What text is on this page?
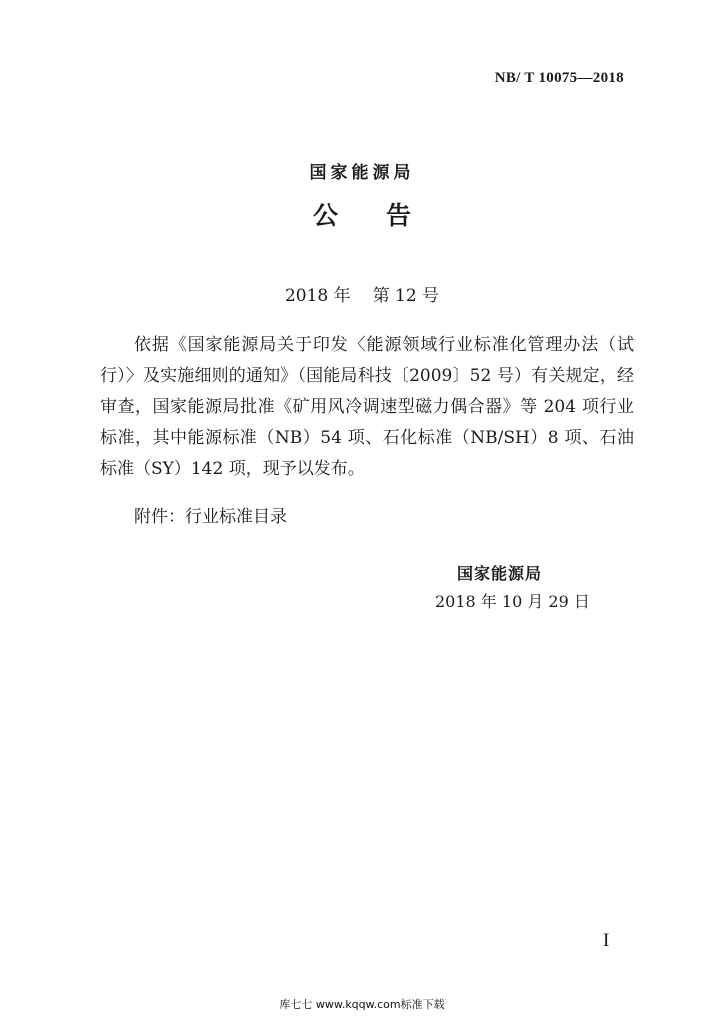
NB/ T 10075—2018
国家能源局
公 告
2018 年 第 12 号
依据《国家能源局关于印发〈能源领域行业标准化管理办法（试行）〉及实施细则的通知》（国能局科技〔2009〕52 号）有关规定，经审查，国家能源局批准《矿用风冷调速型磁力偶合器》等 204 项行业标准，其中能源标准（NB）54 项、石化标准（NB/SH）8 项、石油标准（SY）142 项，现予以发布。
附件：行业标准目录
国家能源局
2018 年 10 月 29 日
I
库七七 www.kqqw.com标准下载
